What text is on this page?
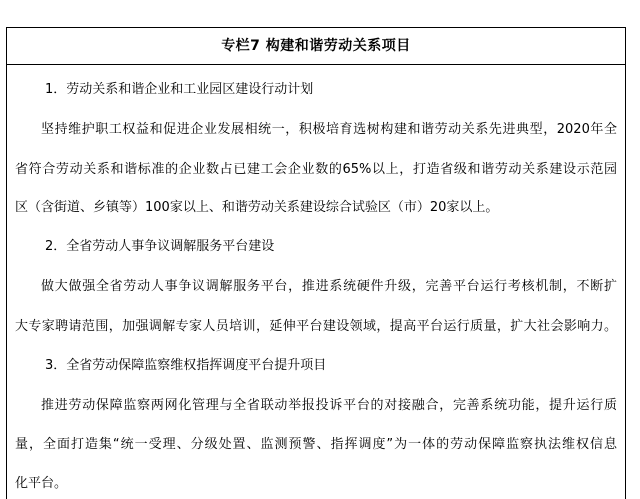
专栏7 构建和谐劳动关系项目
1．劳动关系和谐企业和工业园区建设行动计划
坚持维护职工权益和促进企业发展相统一，积极培育选树构建和谐劳动关系先进典型，2020年全
省符合劳动关系和谐标准的企业数占已建工会企业数的65%以上，打造省级和谐劳动关系建设示范园
区（含街道、乡镇等）100家以上、和谐劳动关系建设综合试验区（市）20家以上。
2．全省劳动人事争议调解服务平台建设
做大做强全省劳动人事争议调解服务平台，推进系统硬件升级，完善平台运行考核机制，不断扩
大专家聘请范围，加强调解专家人员培训，延伸平台建设领域，提高平台运行质量，扩大社会影响力。
3．全省劳动保障监察维权指挥调度平台提升项目
推进劳动保障监察两网化管理与全省联动举报投诉平台的对接融合，完善系统功能，提升运行质
量，全面打造集“统一受理、分级处置、监测预警、指挥调度”为一体的劳动保障监察执法维权信息
化平台。
